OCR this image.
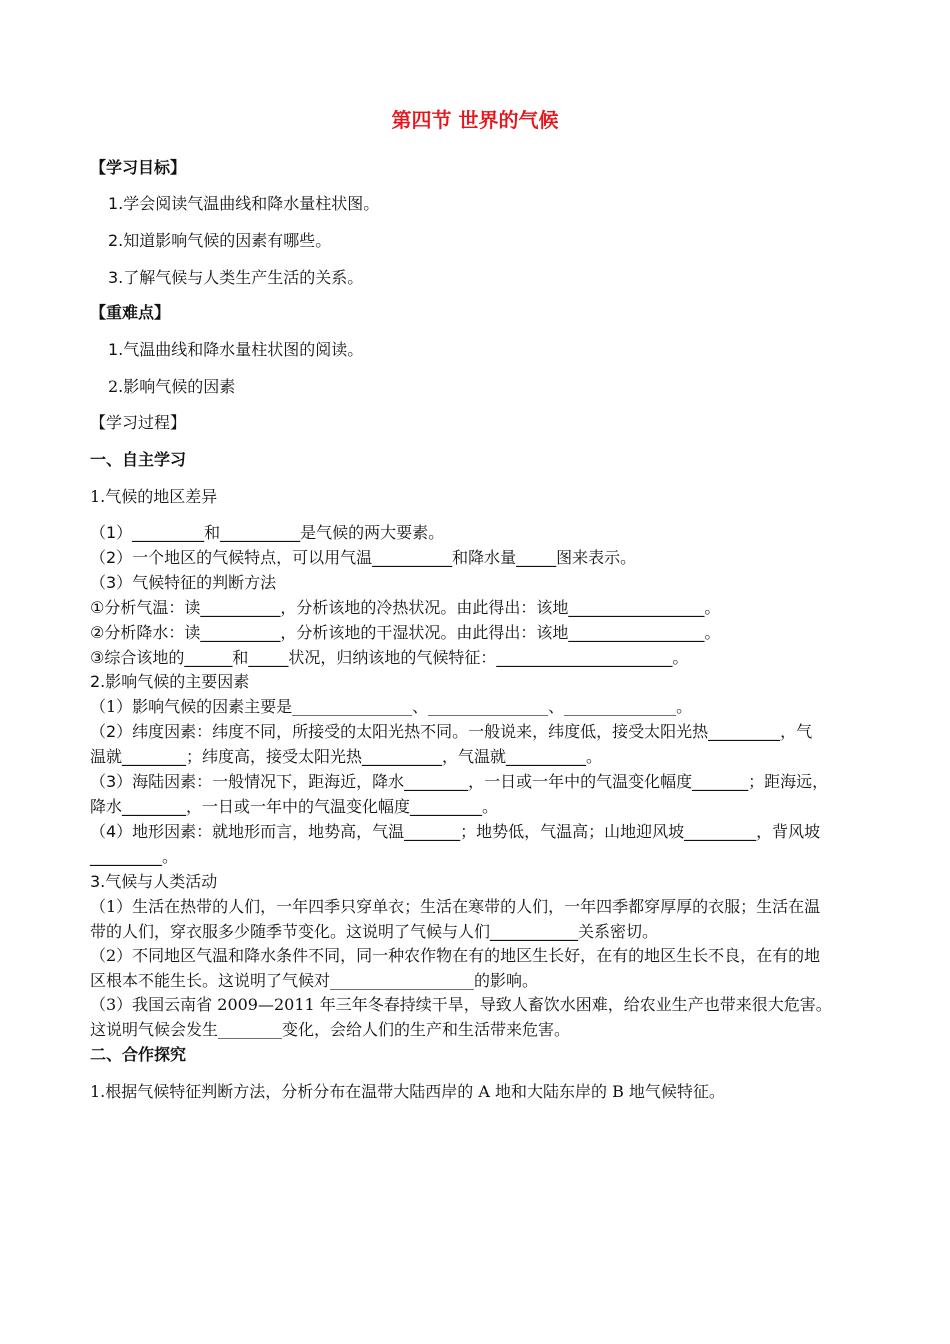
第四节 世界的气候
【学习目标】
1.学会阅读气温曲线和降水量柱状图。
2.知道影响气候的因素有哪些。
3.了解气候与人类生产生活的关系。
【重难点】
1.气温曲线和降水量柱状图的阅读。
2.影响气候的因素
【学习过程】
一、自主学习
1.气候的地区差异
（1）_________和__________是气候的两大要素。
（2）一个地区的气候特点，可以用气温__________和降水量_____图来表示。
（3）气候特征的判断方法
①分析气温：读__________，分析该地的冷热状况。由此得出：该地_________________。
②分析降水：读__________，分析该地的干湿状况。由此得出：该地_________________。
③综合该地的______和_____状况，归纳该地的气候特征：______________________。
2.影响气候的主要因素
（1）影响气候的因素主要是_______________、_______________、______________。
（2）纬度因素：纬度不同，所接受的太阳光热不同。一般说来，纬度低，接受太阳光热_________，气
温就________；纬度高，接受太阳光热__________，气温就__________。
（3）海陆因素：一般情况下，距海近，降水________，一日或一年中的气温变化幅度_______；距海远，
降水________，一日或一年中的气温变化幅度_________。
（4）地形因素：就地形而言，地势高，气温_______；地势低，气温高；山地迎风坡_________，背风坡
_________。
3.气候与人类活动
（1）生活在热带的人们，一年四季只穿单衣；生活在寒带的人们，一年四季都穿厚厚的衣服；生活在温
带的人们，穿衣服多少随季节变化。这说明了气候与人们___________关系密切。
（2）不同地区气温和降水条件不同，同一种农作物在有的地区生长好，在有的地区生长不良，在有的地
区根本不能生长。这说明了气候对__________________的影响。
（3）我国云南省 2009—2011 年三年冬春持续干旱，导致人畜饮水困难，给农业生产也带来很大危害。
这说明气候会发生________变化，会给人们的生产和生活带来危害。
二、合作探究
1.根据气候特征判断方法，分析分布在温带大陆西岸的 A 地和大陆东岸的 B 地气候特征。
